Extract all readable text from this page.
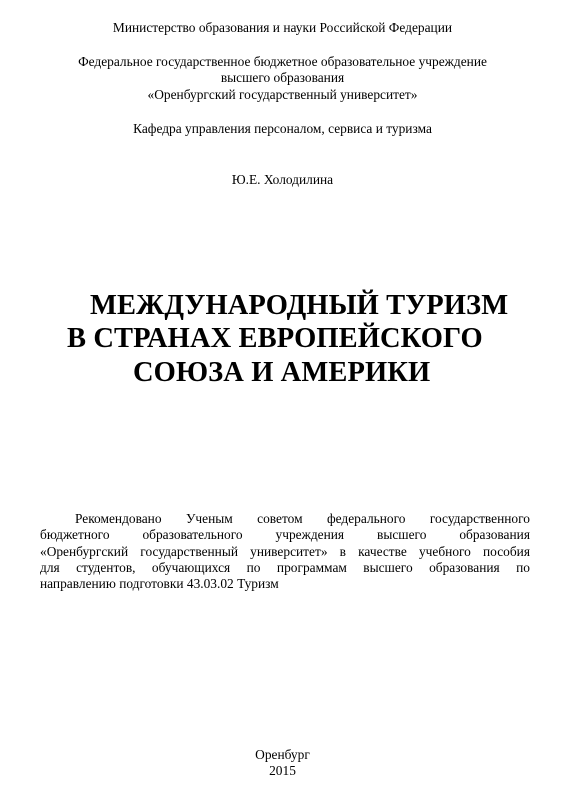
Министерство образования и науки Российской Федерации
Федеральное государственное бюджетное образовательное учреждение
высшего образования
«Оренбургский государственный университет»
Кафедра управления персоналом, сервиса и туризма
Ю.Е. Холодилина
МЕЖДУНАРОДНЫЙ ТУРИЗМ
В СТРАНАХ ЕВРОПЕЙСКОГО
СОЮЗА И АМЕРИКИ
Рекомендовано Ученым советом федерального государственного
бюджетного образовательного учреждения высшего образования
«Оренбургский государственный университет» в качестве учебного пособия
для студентов, обучающихся по программам высшего образования по
направлению подготовки 43.03.02 Туризм
Оренбург
2015
